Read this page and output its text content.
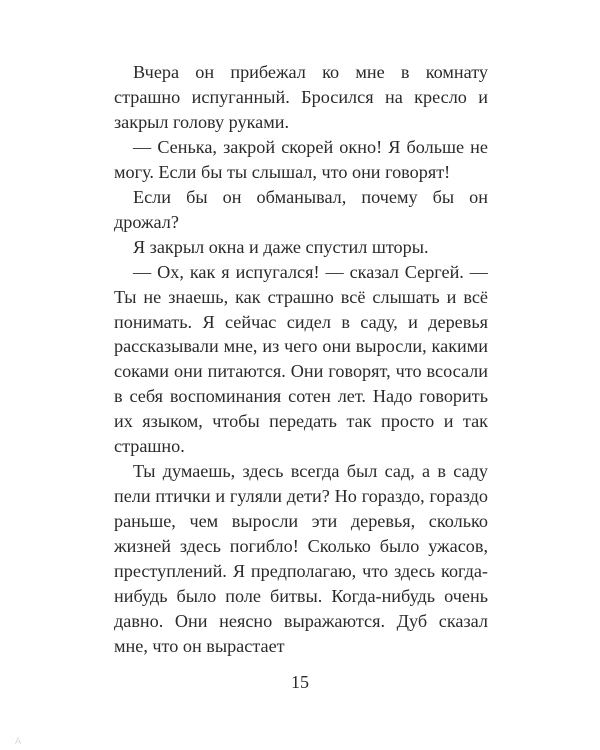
Вчера он прибежал ко мне в комнату страшно испуганный. Бросился на кресло и закрыл голову руками.

— Сенька, закрой скорей окно! Я больше не могу. Если бы ты слышал, что они говорят!

Если бы он обманывал, почему бы он дрожал?

Я закрыл окна и даже спустил шторы.

— Ох, как я испугался! — сказал Сергей. — Ты не знаешь, как страшно всё слышать и всё понимать. Я сейчас сидел в саду, и деревья рассказывали мне, из чего они выросли, какими соками они питаются. Они говорят, что всосали в себя воспоминания сотен лет. Надо говорить их языком, чтобы передать так просто и так страшно.

Ты думаешь, здесь всегда был сад, а в саду пели птички и гуляли дети? Но гораздо, гораздо раньше, чем выросли эти деревья, сколько жизней здесь погибло! Сколько было ужасов, преступлений. Я предполагаю, что здесь когда-нибудь было поле битвы. Когда-нибудь очень давно. Они неясно выражаются. Дуб сказал мне, что он вырастает

15
A
